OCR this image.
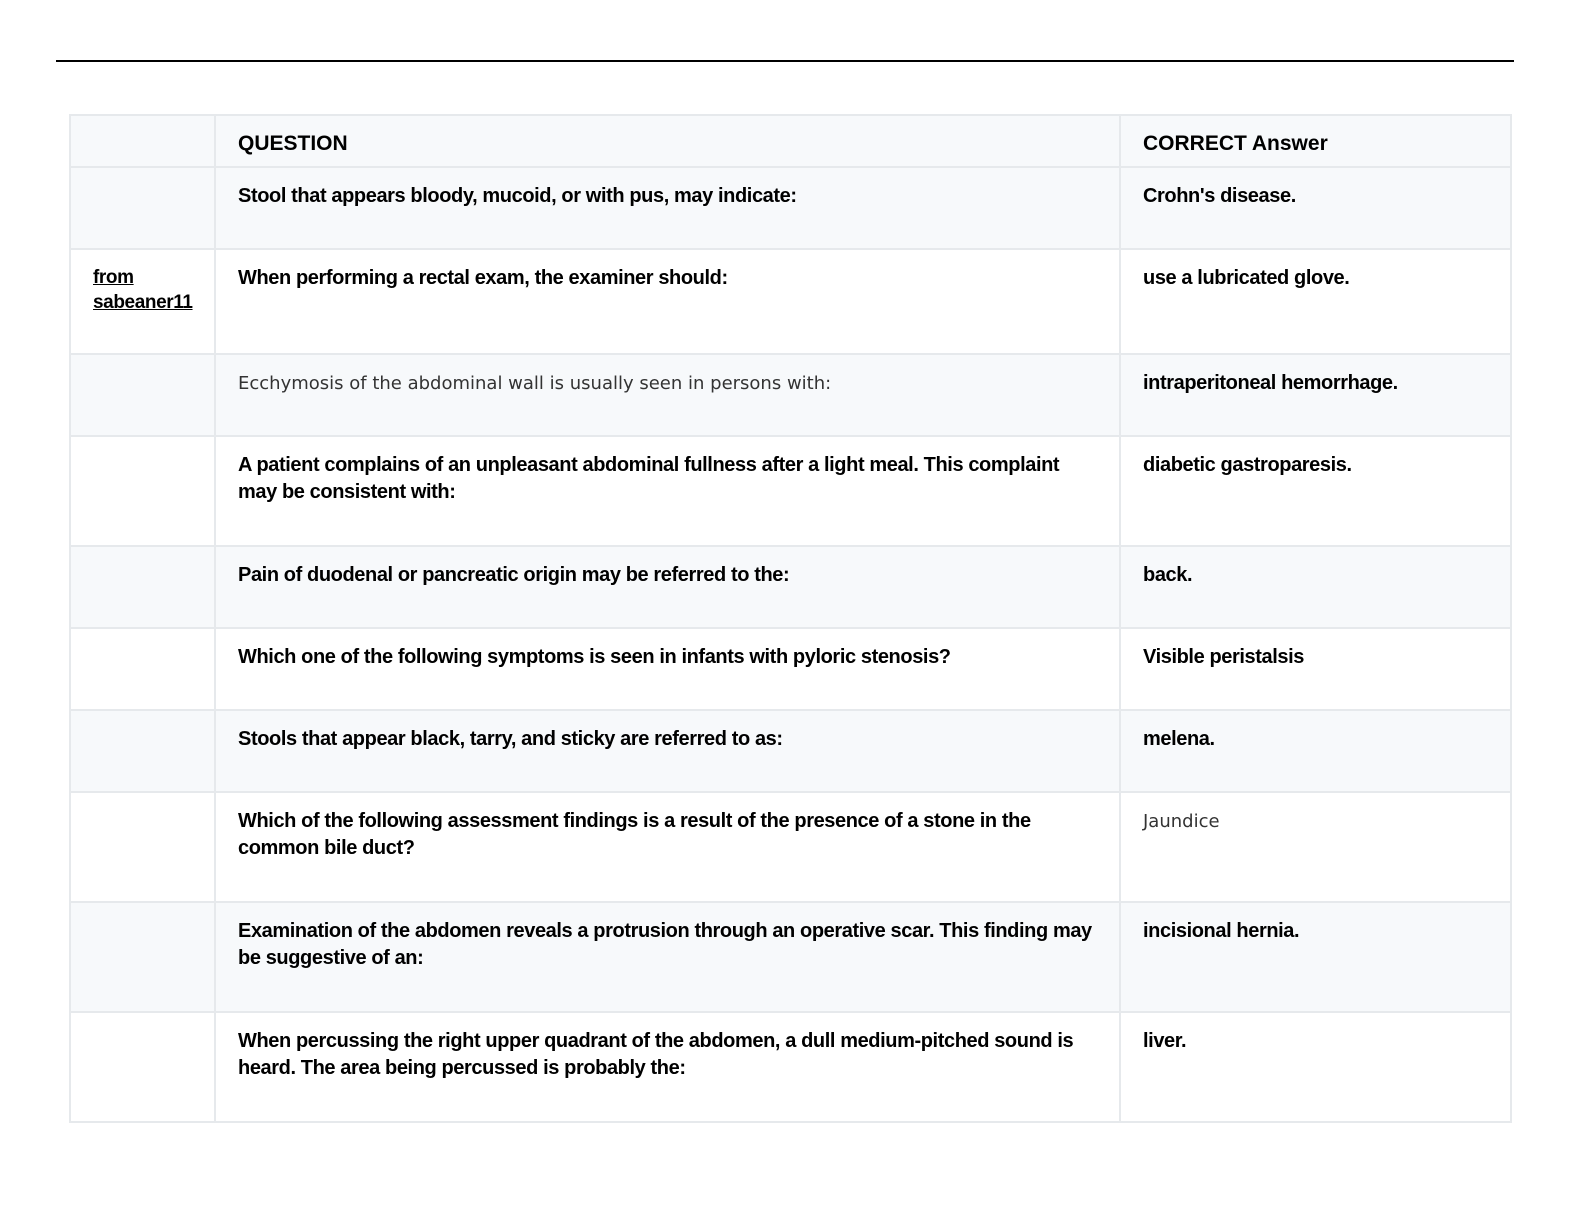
	QUESTION	CORRECT Answer
	Stool that appears bloody, mucoid, or with pus, may indicate:	Crohn's disease.

from
sabeaner11	When performing a rectal exam, the examiner should:	use a lubricated glove.
	Ecchymosis of the abdominal wall is usually seen in persons with:	intraperitoneal hemorrhage.
	A patient complains of an unpleasant abdominal fullness after a light meal. This complaint may be consistent with:	diabetic gastroparesis.
	Pain of duodenal or pancreatic origin may be referred to the:	back.
	Which one of the following symptoms is seen in infants with pyloric stenosis?	Visible peristalsis
	Stools that appear black, tarry, and sticky are referred to as:	melena.
	Which of the following assessment findings is a result of the presence of a stone in the common bile duct?	Jaundice
	Examination of the abdomen reveals a protrusion through an operative scar. This finding may be suggestive of an:	incisional hernia.
	When percussing the right upper quadrant of the abdomen, a dull medium-pitched sound is heard. The area being percussed is probably the:	liver.
